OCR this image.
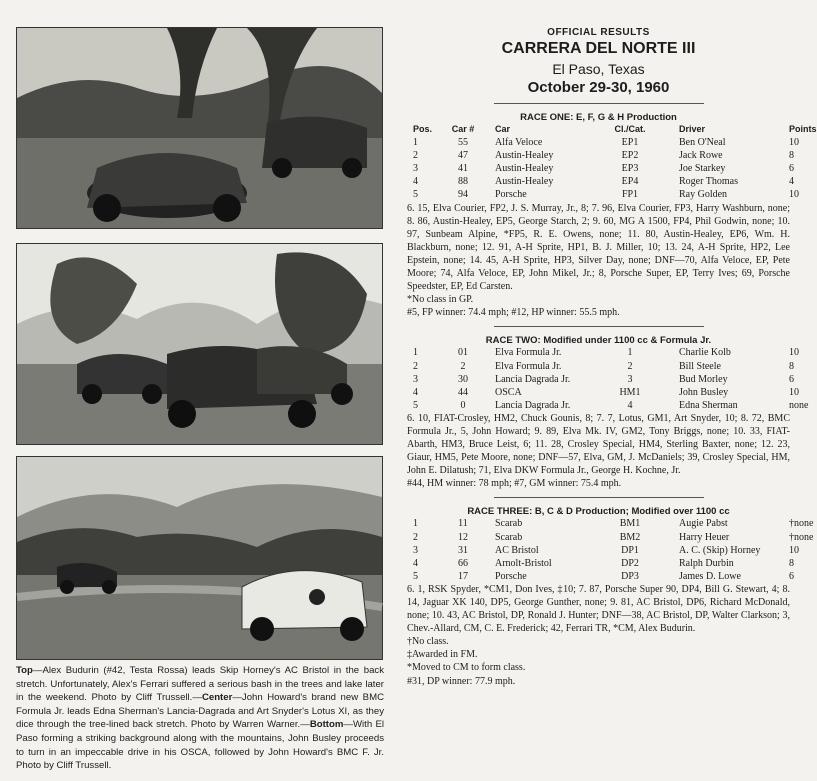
Top—Alex Budurin (#42, Testa Rossa) leads Skip Horney's AC Bristol in the back stretch. Unfortunately, Alex's Ferrari suffered a serious bash in the trees and lake later in the weekend. Photo by Cliff Trussell.—Center—John Howard's brand new BMC Formula Jr. leads Edna Sherman's Lancia-Dagrada and Art Snyder's Lotus XI, as they dice through the tree-lined back stretch. Photo by Warren Warner.—Bottom—With El Paso forming a striking background along with the mountains, John Busley proceeds to turn in an impeccable drive in his OSCA, followed by John Howard's BMC F. Jr. Photo by Cliff Trussell.
OFFICIAL RESULTS
CARRERA DEL NORTE III
El Paso, Texas
October 29-30, 1960
RACE ONE: E, F, G & H Production
Pos.	Car #	Car	Cl./Cat.	Driver	Points
1	55	Alfa Veloce	EP1	Ben O'Neal	10
2	47	Austin-Healey	EP2	Jack Rowe	8
3	41	Austin-Healey	EP3	Joe Starkey	6
4	88	Austin-Healey	EP4	Roger Thomas	4
5	94	Porsche	FP1	Ray Golden	10

6. 15, Elva Courier, FP2, J. S. Murray, Jr., 8; 7. 96, Elva Courier, FP3, Harry Washburn, none; 8. 86, Austin-Healey, EP5, George Starch, 2; 9. 60, MG A 1500, FP4, Phil Godwin, none; 10. 97, Sunbeam Alpine, *FP5, R. E. Owens, none; 11. 80, Austin-Healey, EP6, Wm. H. Blackburn, none; 12. 91, A-H Sprite, HP1, B. J. Miller, 10; 13. 24, A-H Sprite, HP2, Lee Epstein, none; 14. 45, A-H Sprite, HP3, Silver Day, none; DNF—70, Alfa Veloce, EP, Pete Moore; 74, Alfa Veloce, EP, John Mikel, Jr.; 8, Porsche Super, EP, Terry Ives; 69, Porsche Speedster, EP, Ed Carsten.

*No class in GP.

#5, FP winner: 74.4 mph; #12, HP winner: 55.5 mph.

RACE TWO: Modified under 1100 cc & Formula Jr.
1	01	Elva Formula Jr.	1	Charlie Kolb	10
2	2	Elva Formula Jr.	2	Bill Steele	8
3	30	Lancia Dagrada Jr.	3	Bud Morley	6
4	44	OSCA	HM1	John Busley	10
5	0	Lancia Dagrada Jr.	4	Edna Sherman	none

6. 10, FIAT-Crosley, HM2, Chuck Gounis, 8; 7. 7, Lotus, GM1, Art Snyder, 10; 8. 72, BMC Formula Jr., 5, John Howard; 9. 89, Elva Mk. IV, GM2, Tony Briggs, none; 10. 33, FIAT-Abarth, HM3, Bruce Leist, 6; 11. 28, Crosley Special, HM4, Sterling Baxter, none; 12. 23, Giaur, HM5, Pete Moore, none; DNF—57, Elva, GM, J. McDaniels; 39, Crosley Special, HM, John E. Dilatush; 71, Elva DKW Formula Jr., George H. Kochne, Jr.

#44, HM winner: 78 mph; #7, GM winner: 75.4 mph.

RACE THREE: B, C & D Production; Modified over 1100 cc
1	11	Scarab	BM1	Augie Pabst	†none
2	12	Scarab	BM2	Harry Heuer	†none
3	31	AC Bristol	DP1	A. C. (Skip) Horney	10
4	66	Arnolt-Bristol	DP2	Ralph Durbin	8
5	17	Porsche	DP3	James D. Lowe	6

6. 1, RSK Spyder, *CM1, Don Ives, ‡10; 7. 87, Porsche Super 90, DP4, Bill G. Stewart, 4; 8. 14, Jaguar XK 140, DP5, George Gunther, none; 9. 81, AC Bristol, DP6, Richard McDonald, none; 10. 43, AC Bristol, DP, Ronald J. Hunter; DNF—38, AC Bristol, DP, Walter Clarkson; 3, Chev.-Allard, CM, C. E. Frederick; 42, Ferrari TR, *CM, Alex Budurin.

†No class.

‡Awarded in FM.

*Moved to CM to form class.

#31, DP winner: 77.9 mph.
